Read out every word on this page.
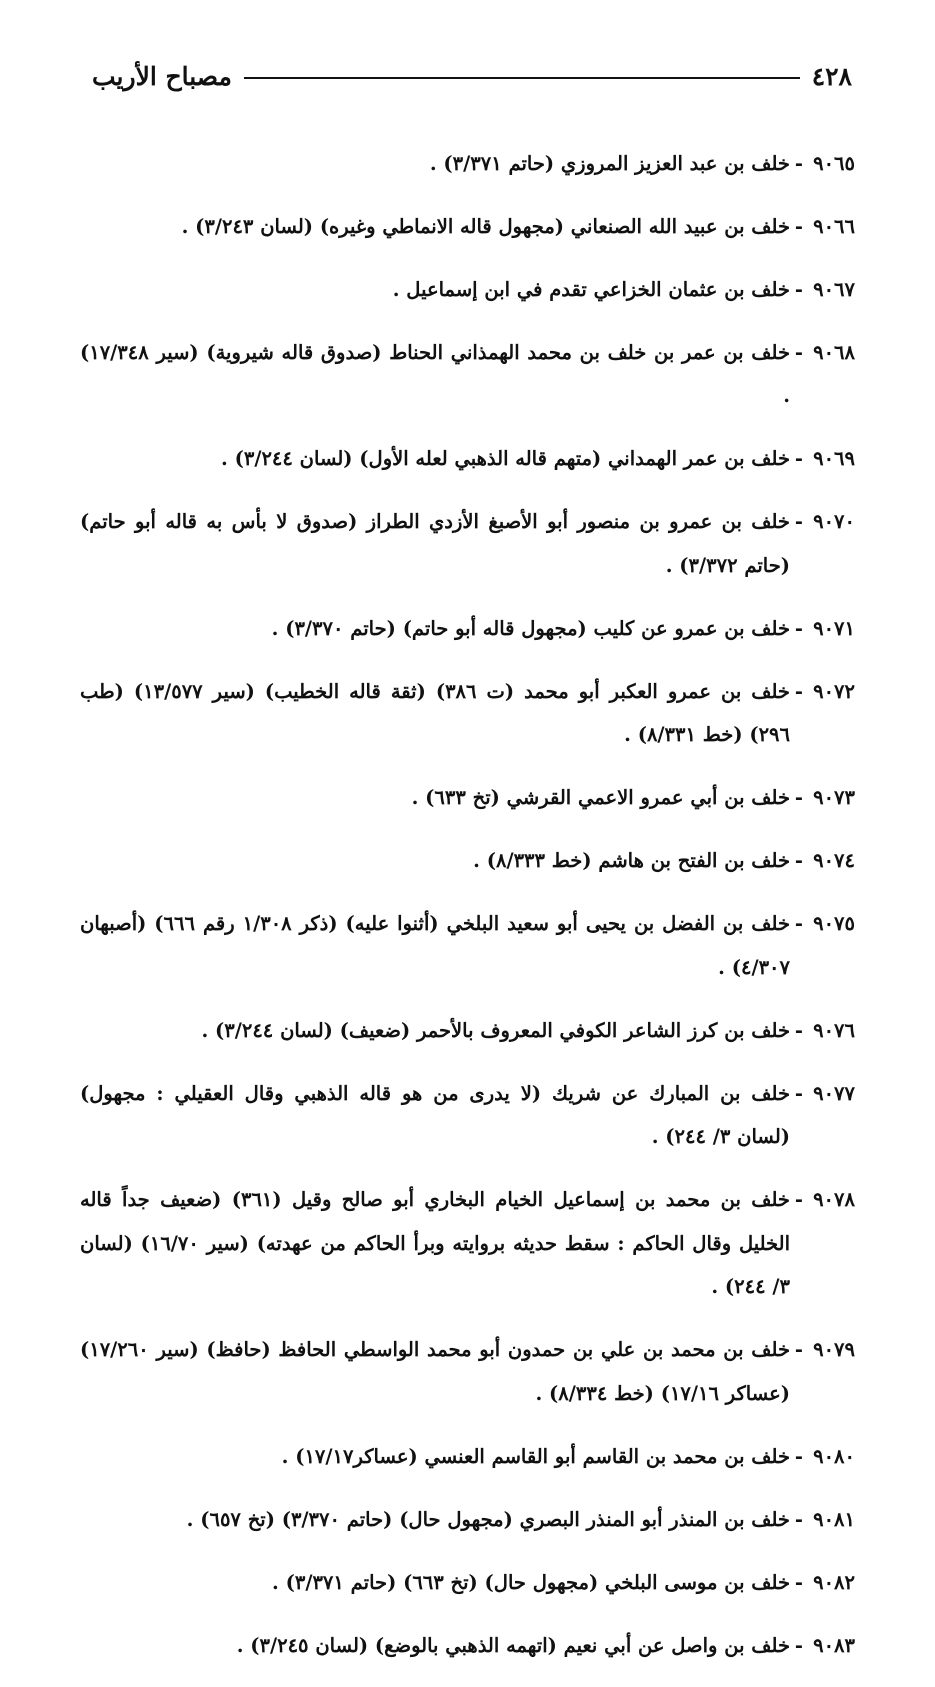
٤٢٨
مصباح الأريب

٩٠٦٥-خلف بن عبد العزيز المروزي (حاتم ٣/٣٧١) .

٩٠٦٦-خلف بن عبيد الله الصنعاني (مجهول قاله الانماطي وغيره) (لسان ٣/٢٤٣) .

٩٠٦٧-خلف بن عثمان الخزاعي تقدم في ابن إسماعيل .

٩٠٦٨-خلف بن عمر بن خلف بن محمد الهمذاني الحناط (صدوق قاله شيروية) (سير ١٧/٣٤٨) .

٩٠٦٩-خلف بن عمر الهمداني (متهم قاله الذهبي لعله الأول) (لسان ٣/٢٤٤) .

٩٠٧٠-خلف بن عمرو بن منصور أبو الأصبغ الأزدي الطراز (صدوق لا بأس به قاله أبو حاتم) (حاتم ٣/٣٧٢) .

٩٠٧١-خلف بن عمرو عن كليب (مجهول قاله أبو حاتم) (حاتم ٣/٣٧٠) .

٩٠٧٢-خلف بن عمرو العكبر أبو محمد (ت ٣٨٦) (ثقة قاله الخطيب) (سير ١٣/٥٧٧) (طب ٢٩٦) (خط ٨/٣٣١) .

٩٠٧٣-خلف بن أبي عمرو الاعمي القرشي (تخ ٦٣٣) .

٩٠٧٤-خلف بن الفتح بن هاشم (خط ٨/٣٣٣) .

٩٠٧٥-خلف بن الفضل بن يحيى أبو سعيد البلخي (أثنوا عليه) (ذكر ١/٣٠٨ رقم ٦٦٦) (أصبهان ٤/٣٠٧) .

٩٠٧٦-خلف بن كرز الشاعر الكوفي المعروف بالأحمر (ضعيف) (لسان ٣/٢٤٤) .

٩٠٧٧-خلف بن المبارك عن شريك (لا يدرى من هو قاله الذهبي وقال العقيلي : مجهول) (لسان ٣/ ٢٤٤) .

٩٠٧٨-خلف بن محمد بن إسماعيل الخيام البخاري أبو صالح وقيل (٣٦١) (ضعيف جداً قاله الخليل وقال الحاكم : سقط حديثه بروايته وبرأ الحاكم من عهدته) (سير ١٦/٧٠) (لسان ٣/ ٢٤٤) .

٩٠٧٩-خلف بن محمد بن علي بن حمدون أبو محمد الواسطي الحافظ (حافظ) (سير ١٧/٢٦٠) (عساكر ١٧/١٦) (خط ٨/٣٣٤) .

٩٠٨٠-خلف بن محمد بن القاسم أبو القاسم العنسي (عساكر١٧/١٧) .

٩٠٨١-خلف بن المنذر أبو المنذر البصري (مجهول حال) (حاتم ٣/٣٧٠) (تخ ٦٥٧) .

٩٠٨٢-خلف بن موسى البلخي (مجهول حال) (تخ ٦٦٣) (حاتم ٣/٣٧١) .

٩٠٨٣-خلف بن واصل عن أبي نعيم (اتهمه الذهبي بالوضع) (لسان ٣/٢٤٥) .
